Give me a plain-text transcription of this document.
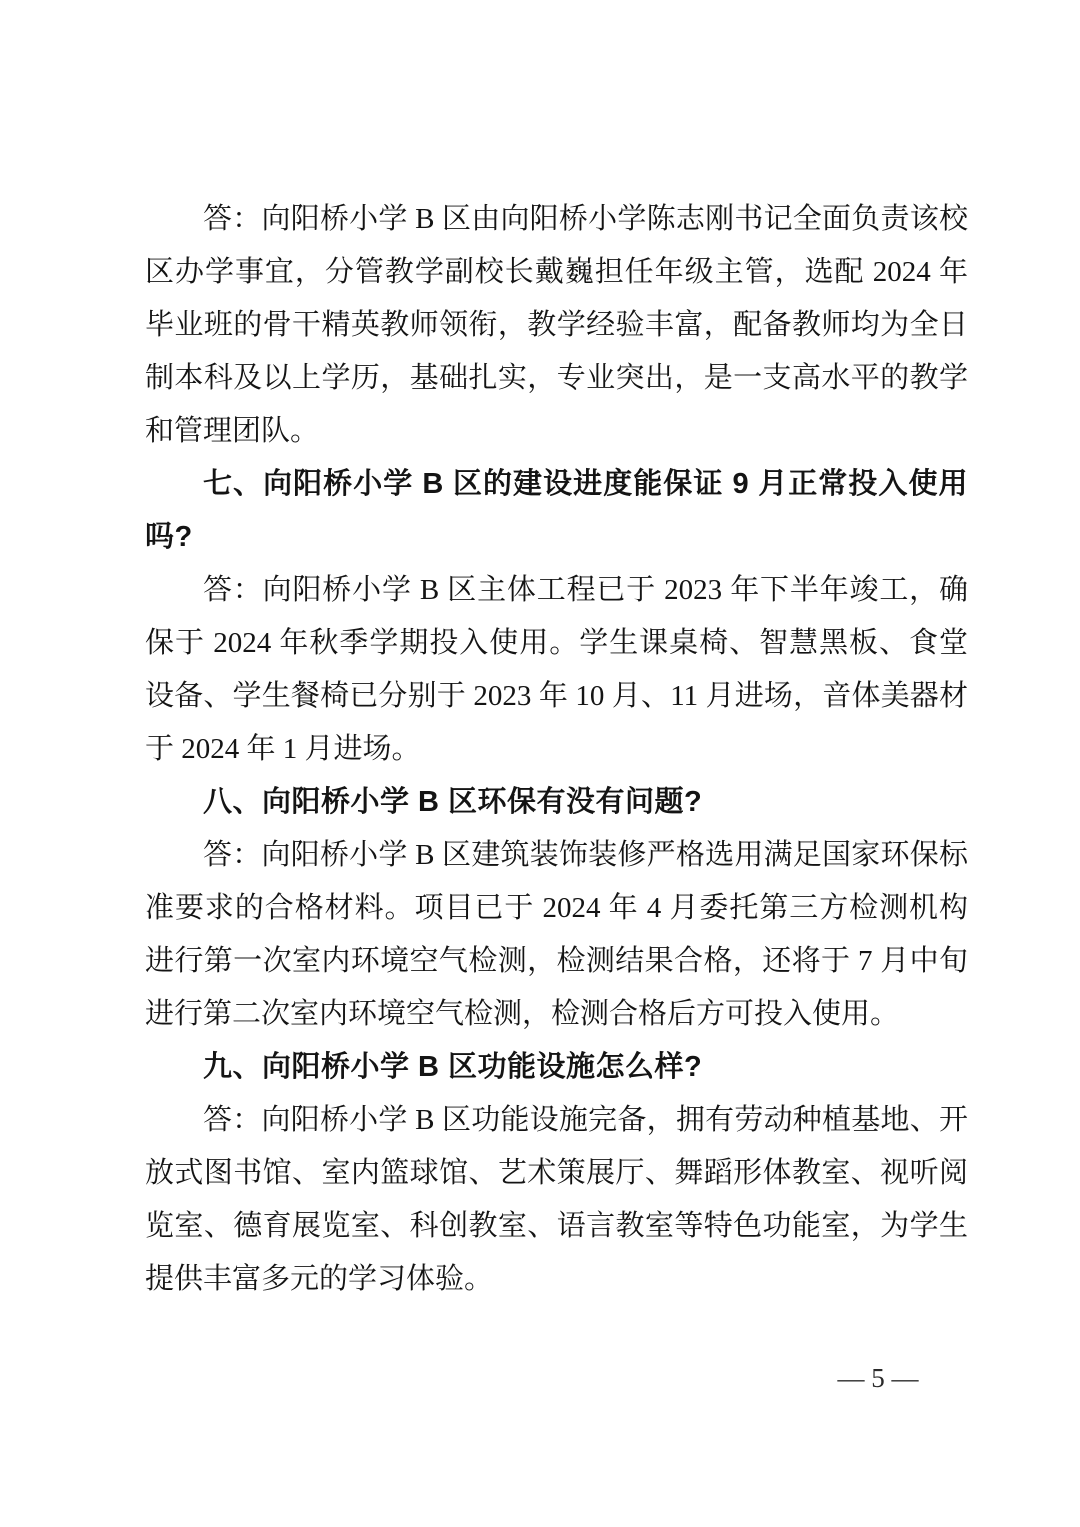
答：向阳桥小学 B 区由向阳桥小学陈志刚书记全面负责该校区办学事宜，分管教学副校长戴巍担任年级主管，选配 2024 年毕业班的骨干精英教师领衔，教学经验丰富，配备教师均为全日制本科及以上学历，基础扎实，专业突出，是一支高水平的教学和管理团队。

七、向阳桥小学 B 区的建设进度能保证 9 月正常投入使用吗?

答：向阳桥小学 B 区主体工程已于 2023 年下半年竣工，确保于 2024 年秋季学期投入使用。学生课桌椅、智慧黑板、食堂设备、学生餐椅已分别于 2023 年 10 月、11 月进场，音体美器材于 2024 年 1 月进场。

八、向阳桥小学 B 区环保有没有问题?

答：向阳桥小学 B 区建筑装饰装修严格选用满足国家环保标准要求的合格材料。项目已于 2024 年 4 月委托第三方检测机构进行第一次室内环境空气检测，检测结果合格，还将于 7 月中旬进行第二次室内环境空气检测，检测合格后方可投入使用。

九、向阳桥小学 B 区功能设施怎么样?

答：向阳桥小学 B 区功能设施完备，拥有劳动种植基地、开放式图书馆、室内篮球馆、艺术策展厅、舞蹈形体教室、视听阅览室、德育展览室、科创教室、语言教室等特色功能室，为学生提供丰富多元的学习体验。

— 5 —
